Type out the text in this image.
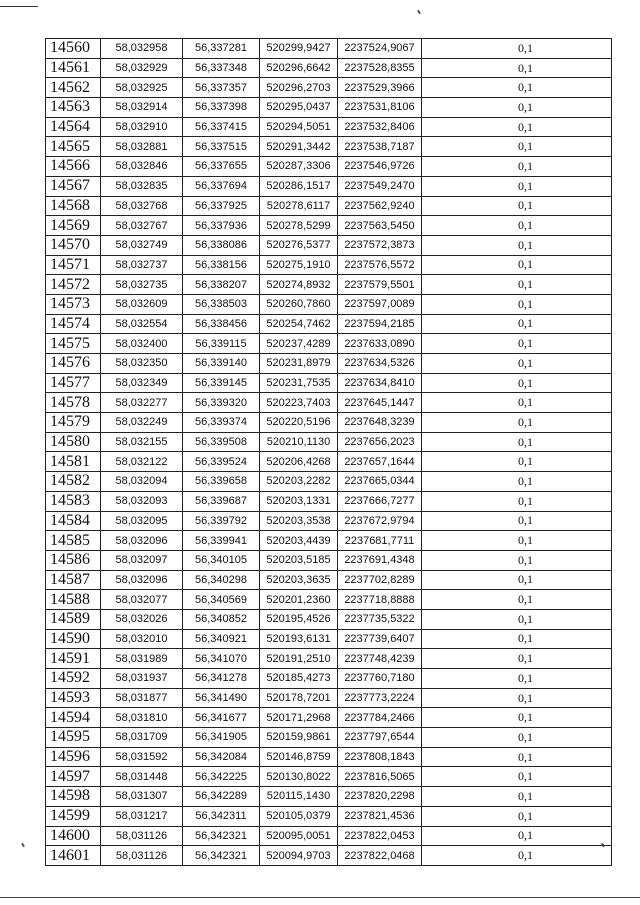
14560	58,032958	56,337281	520299,9427	2237524,9067	0,1
14561	58,032929	56,337348	520296,6642	2237528,8355	0,1
14562	58,032925	56,337357	520296,2703	2237529,3966	0,1
14563	58,032914	56,337398	520295,0437	2237531,8106	0,1
14564	58,032910	56,337415	520294,5051	2237532,8406	0,1
14565	58,032881	56,337515	520291,3442	2237538,7187	0,1
14566	58,032846	56,337655	520287,3306	2237546,9726	0,1
14567	58,032835	56,337694	520286,1517	2237549,2470	0,1
14568	58,032768	56,337925	520278,6117	2237562,9240	0,1
14569	58,032767	56,337936	520278,5299	2237563,5450	0,1
14570	58,032749	56,338086	520276,5377	2237572,3873	0,1
14571	58,032737	56,338156	520275,1910	2237576,5572	0,1
14572	58,032735	56,338207	520274,8932	2237579,5501	0,1
14573	58,032609	56,338503	520260,7860	2237597,0089	0,1
14574	58,032554	56,338456	520254,7462	2237594,2185	0,1
14575	58,032400	56,339115	520237,4289	2237633,0890	0,1
14576	58,032350	56,339140	520231,8979	2237634,5326	0,1
14577	58,032349	56,339145	520231,7535	2237634,8410	0,1
14578	58,032277	56,339320	520223,7403	2237645,1447	0,1
14579	58,032249	56,339374	520220,5196	2237648,3239	0,1
14580	58,032155	56,339508	520210,1130	2237656,2023	0,1
14581	58,032122	56,339524	520206,4268	2237657,1644	0,1
14582	58,032094	56,339658	520203,2282	2237665,0344	0,1
14583	58,032093	56,339687	520203,1331	2237666,7277	0,1
14584	58,032095	56,339792	520203,3538	2237672,9794	0,1
14585	58,032096	56,339941	520203,4439	2237681,7711	0,1
14586	58,032097	56,340105	520203,5185	2237691,4348	0,1
14587	58,032096	56,340298	520203,3635	2237702,8289	0,1
14588	58,032077	56,340569	520201,2360	2237718,8888	0,1
14589	58,032026	56,340852	520195,4526	2237735,5322	0,1
14590	58,032010	56,340921	520193,6131	2237739,6407	0,1
14591	58,031989	56,341070	520191,2510	2237748,4239	0,1
14592	58,031937	56,341278	520185,4273	2237760,7180	0,1
14593	58,031877	56,341490	520178,7201	2237773,2224	0,1
14594	58,031810	56,341677	520171,2968	2237784,2466	0,1
14595	58,031709	56,341905	520159,9861	2237797,6544	0,1
14596	58,031592	56,342084	520146,8759	2237808,1843	0,1
14597	58,031448	56,342225	520130,8022	2237816,5065	0,1
14598	58,031307	56,342289	520115,1430	2237820,2298	0,1
14599	58,031217	56,342311	520105,0379	2237821,4536	0,1
14600	58,031126	56,342321	520095,0051	2237822,0453	0,1
14601	58,031126	56,342321	520094,9703	2237822,0468	0,1
